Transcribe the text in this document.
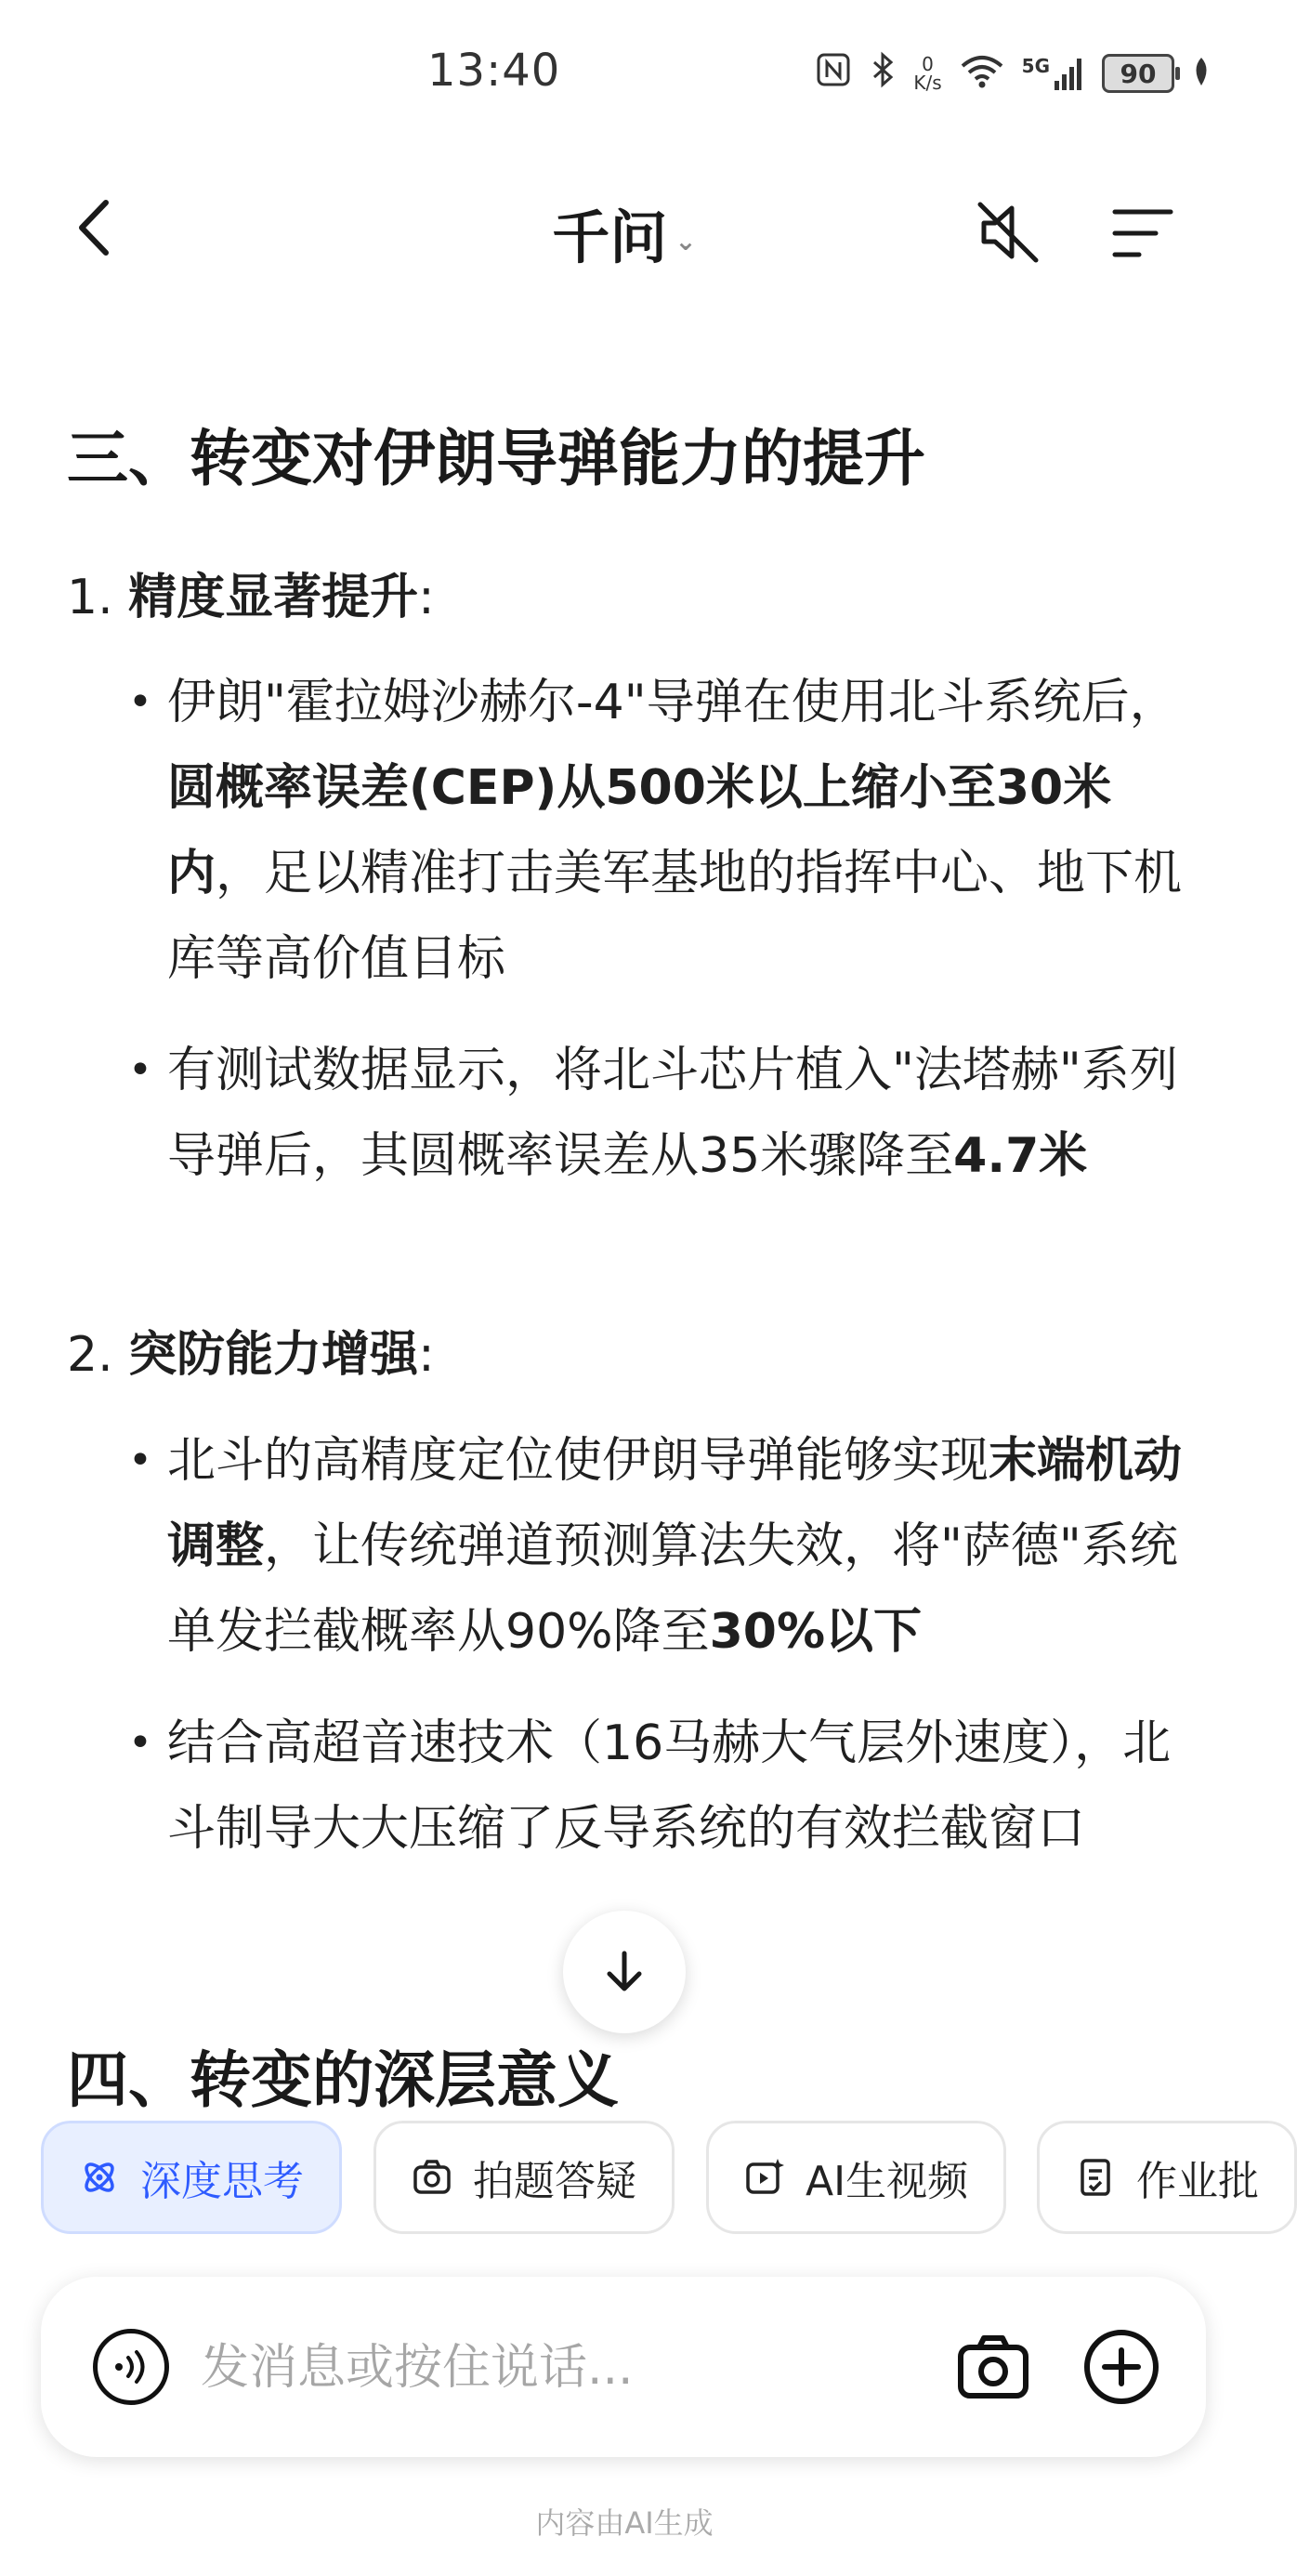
13:40	0
K/s
5G	90
千问 ⌄
三、转变对伊朗导弹能力的提升
1. 精度显著提升:
• 伊朗"霍拉姆沙赫尔-4"导弹在使用北斗系统后，圆概率误差(CEP)从500米以上缩小至30米内，足以精准打击美军基地的指挥中心、地下机库等高价值目标
• 有测试数据显示，将北斗芯片植入"法塔赫"系列导弹后，其圆概率误差从35米骤降至4.7米
2. 突防能力增强:
• 北斗的高精度定位使伊朗导弹能够实现末端机动调整，让传统弹道预测算法失效，将"萨德"系统单发拦截概率从90%降至30%以下
• 结合高超音速技术（16马赫大气层外速度），北斗制导大大压缩了反导系统的有效拦截窗口
四、转变的深层意义
深度思考	拍题答疑	AI生视频	作业批
发消息或按住说话...
内容由AI生成
